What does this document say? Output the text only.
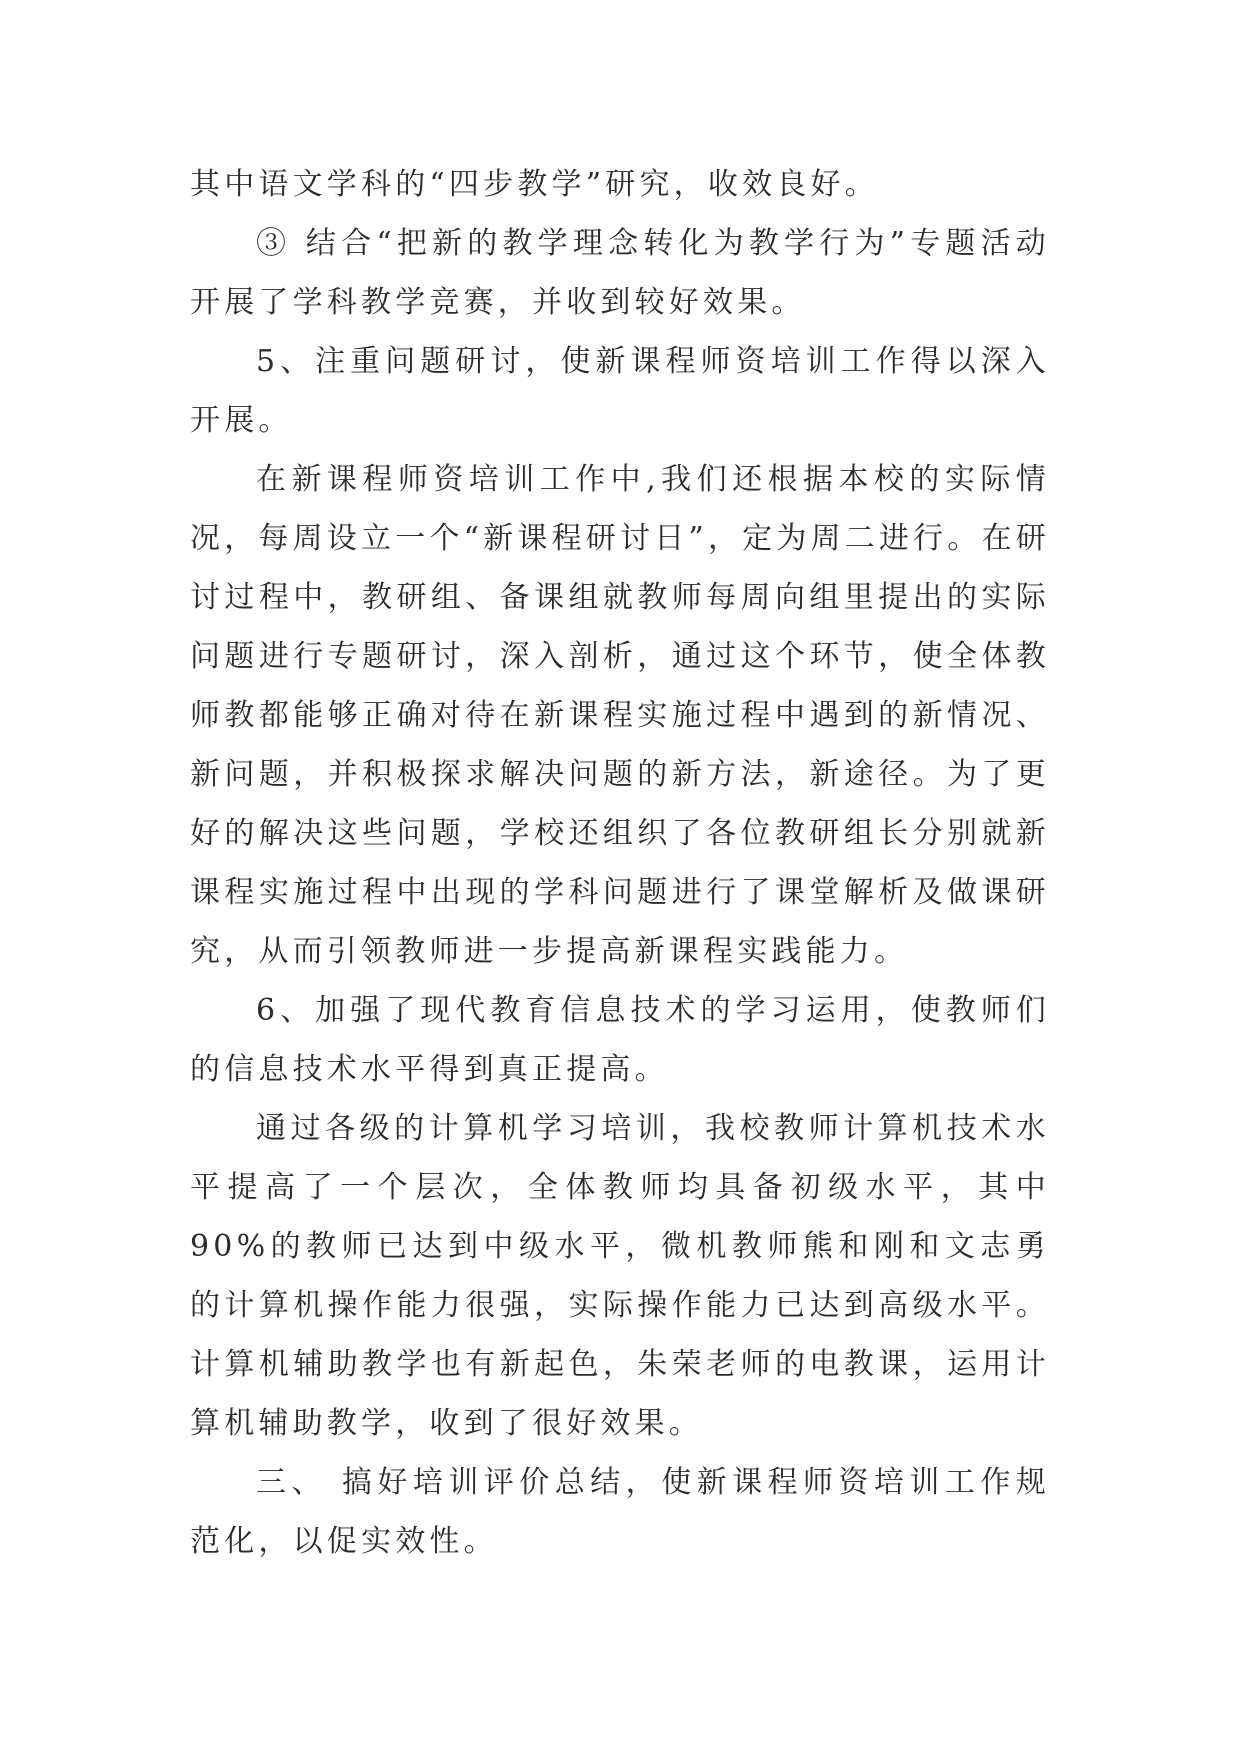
其中语文学科的“四步教学”研究，收效良好。

③ 结合“把新的教学理念转化为教学行为”专题活动开展了学科教学竞赛，并收到较好效果。

5、注重问题研讨，使新课程师资培训工作得以深入开展。

在新课程师资培训工作中,我们还根据本校的实际情况，每周设立一个“新课程研讨日”，定为周二进行。在研讨过程中，教研组、备课组就教师每周向组里提出的实际问题进行专题研讨，深入剖析，通过这个环节，使全体教师教都能够正确对待在新课程实施过程中遇到的新情况、新问题，并积极探求解决问题的新方法，新途径。为了更好的解决这些问题，学校还组织了各位教研组长分别就新课程实施过程中出现的学科问题进行了课堂解析及做课研究，从而引领教师进一步提高新课程实践能力。

6、加强了现代教育信息技术的学习运用，使教师们的信息技术水平得到真正提高。

通过各级的计算机学习培训，我校教师计算机技术水平提高了一个层次，全体教师均具备初级水平，其中90%的教师已达到中级水平，微机教师熊和刚和文志勇的计算机操作能力很强，实际操作能力已达到高级水平。计算机辅助教学也有新起色，朱荣老师的电教课，运用计算机辅助教学，收到了很好效果。

三、 搞好培训评价总结，使新课程师资培训工作规范化，以促实效性。
